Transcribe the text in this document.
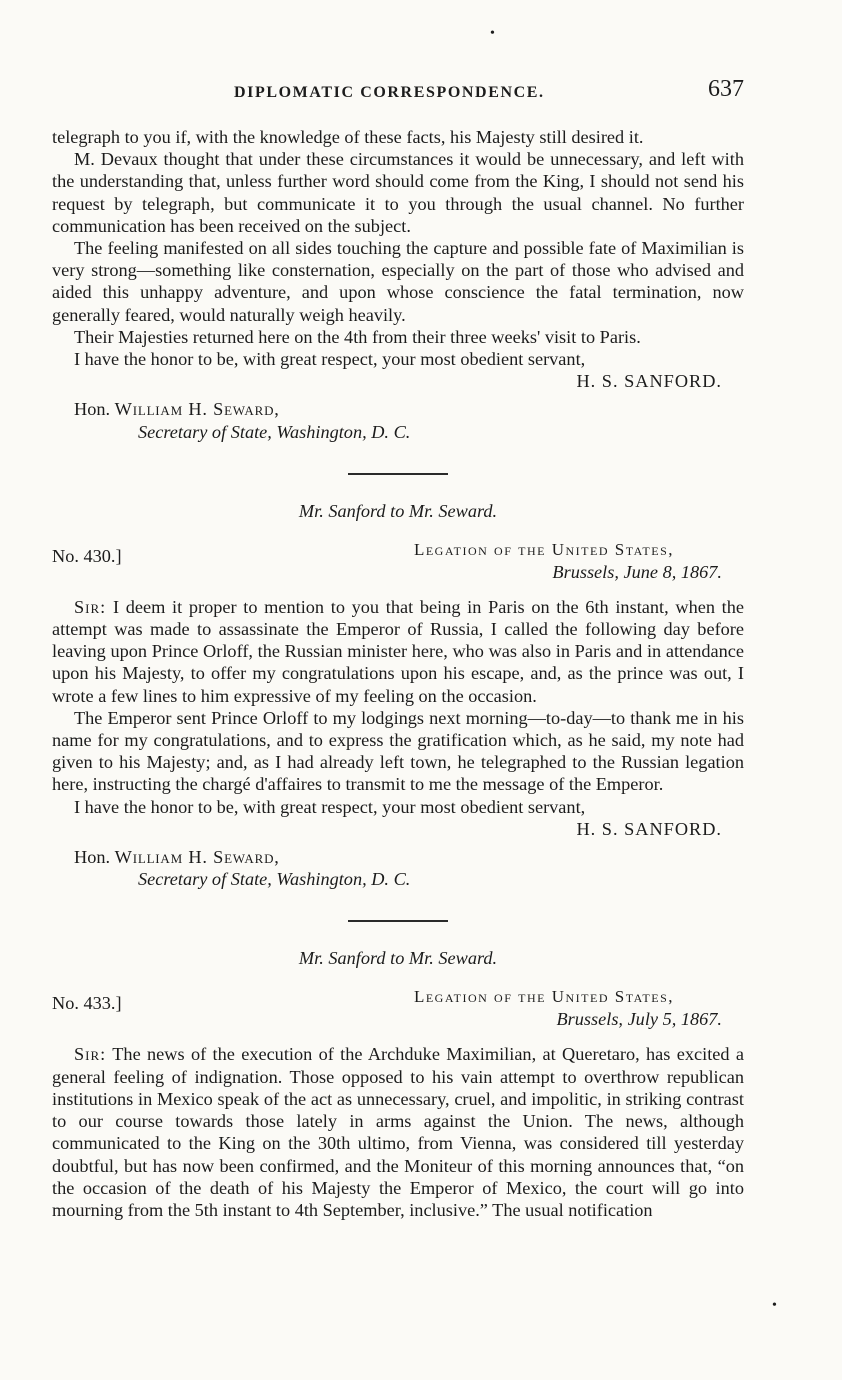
•
DIPLOMATIC CORRESPONDENCE.	637

telegraph to you if, with the knowledge of these facts, his Majesty still desired it.

M. Devaux thought that under these circumstances it would be unnecessary, and left with the understanding that, unless further word should come from the King, I should not send his request by telegraph, but communicate it to you through the usual channel. No further communication has been received on the subject.

The feeling manifested on all sides touching the capture and possible fate of Maximilian is very strong—something like consternation, especially on the part of those who advised and aided this unhappy adventure, and upon whose conscience the fatal termination, now generally feared, would naturally weigh heavily.

Their Majesties returned here on the 4th from their three weeks' visit to Paris.

I have the honor to be, with great respect, your most obedient servant,

H. S. SANFORD.
Hon. William H. Seward,
Secretary of State, Washington, D. C.
Mr. Sanford to Mr. Seward.
No. 430.]	Legation of the United States,
Brussels, June 8, 1867.

Sir: I deem it proper to mention to you that being in Paris on the 6th instant, when the attempt was made to assassinate the Emperor of Russia, I called the following day before leaving upon Prince Orloff, the Russian minister here, who was also in Paris and in attendance upon his Majesty, to offer my congratulations upon his escape, and, as the prince was out, I wrote a few lines to him expressive of my feeling on the occasion.

The Emperor sent Prince Orloff to my lodgings next morning—to-day—to thank me in his name for my congratulations, and to express the gratification which, as he said, my note had given to his Majesty; and, as I had already left town, he telegraphed to the Russian legation here, instructing the chargé d'affaires to transmit to me the message of the Emperor.

I have the honor to be, with great respect, your most obedient servant,

H. S. SANFORD.
Hon. William H. Seward,
Secretary of State, Washington, D. C.
Mr. Sanford to Mr. Seward.
No. 433.]	Legation of the United States,
Brussels, July 5, 1867.

Sir: The news of the execution of the Archduke Maximilian, at Queretaro, has excited a general feeling of indignation. Those opposed to his vain attempt to overthrow republican institutions in Mexico speak of the act as unnecessary, cruel, and impolitic, in striking contrast to our course towards those lately in arms against the Union. The news, although communicated to the King on the 30th ultimo, from Vienna, was considered till yesterday doubtful, but has now been confirmed, and the Moniteur of this morning announces that, “on the occasion of the death of his Majesty the Emperor of Mexico, the court will go into mourning from the 5th instant to 4th September, inclusive.” The usual notification

•
